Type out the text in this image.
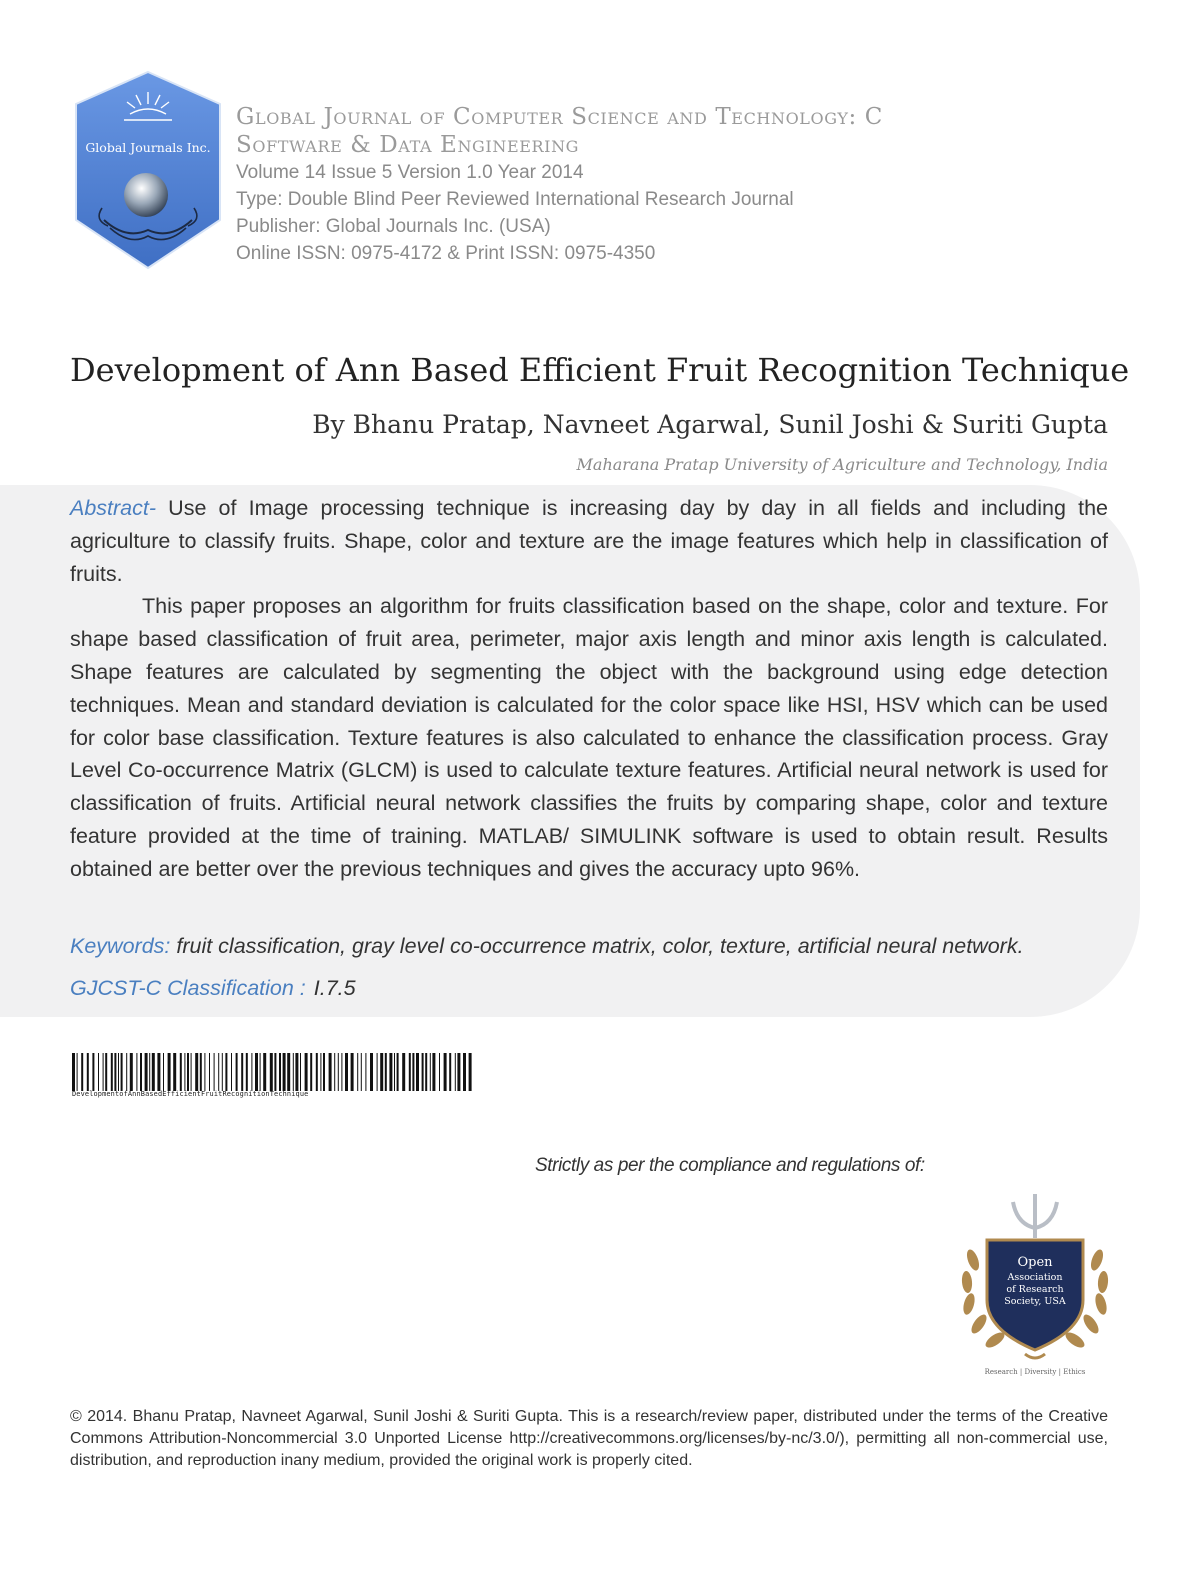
Global Journals Inc.
Global Journal of Computer Science and Technology: C
Software & Data Engineering
Volume 14 Issue 5 Version 1.0 Year 2014
Type: Double Blind Peer Reviewed International Research Journal
Publisher: Global Journals Inc. (USA)
Online ISSN: 0975-4172 & Print ISSN: 0975-4350
Development of Ann Based Efficient Fruit Recognition Technique
By Bhanu Pratap, Navneet Agarwal, Sunil Joshi & Suriti Gupta
Maharana Pratap University of Agriculture and Technology, India

Abstract- Use of Image processing technique is increasing day by day in all fields and including the agriculture to classify fruits. Shape, color and texture are the image features which help in classification of fruits.

This paper proposes an algorithm for fruits classification based on the shape, color and texture. For shape based classification of fruit area, perimeter, major axis length and minor axis length is calculated. Shape features are calculated by segmenting the object with the background using edge detection techniques. Mean and standard deviation is calculated for the color space like HSI, HSV which can be used for color base classification. Texture features is also calculated to enhance the classification process. Gray Level Co-occurrence Matrix (GLCM) is used to calculate texture features. Artificial neural network is used for classification of fruits. Artificial neural network classifies the fruits by comparing shape, color and texture feature provided at the time of training. MATLAB/ SIMULINK software is used to obtain result. Results obtained are better over the previous techniques and gives the accuracy upto 96%.

Keywords: fruit classification, gray level co-occurrence matrix, color, texture, artificial neural network.
GJCST-C Classification : I.7.5
DevelopmentofAnnBasedEfficientFruitRecognitionTechnique
Strictly as per the compliance and regulations of:
Open
Association
of Research
Society, USA
Research | Diversity | Ethics
© 2014. Bhanu Pratap, Navneet Agarwal, Sunil Joshi & Suriti Gupta. This is a research/review paper, distributed under the terms of the Creative Commons Attribution-Noncommercial 3.0 Unported License http://creativecommons.org/licenses/by-nc/3.0/), permitting all non-commercial use, distribution, and reproduction inany medium, provided the original work is properly cited.
